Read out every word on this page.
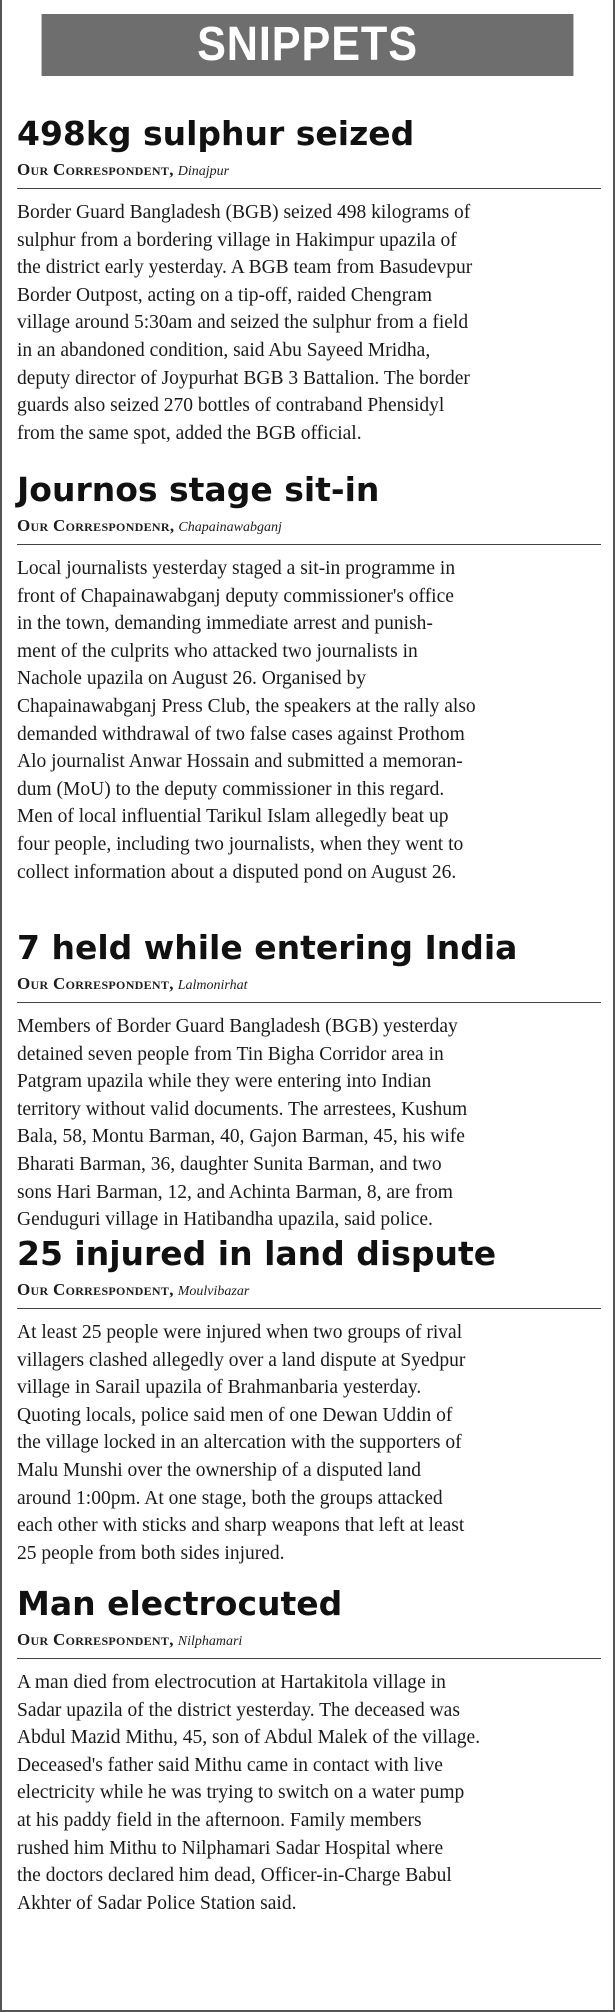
SNIPPETS
498kg sulphur seized
Our Correspondent, Dinajpur
Border Guard Bangladesh (BGB) seized 498 kilograms of
sulphur from a bordering village in Hakimpur upazila of
the district early yesterday. A BGB team from Basudevpur
Border Outpost, acting on a tip-off, raided Chengram
village around 5:30am and seized the sulphur from a field
in an abandoned condition, said Abu Sayeed Mridha,
deputy director of Joypurhat BGB 3 Battalion. The border
guards also seized 270 bottles of contraband Phensidyl
from the same spot, added the BGB official.
Journos stage sit-in
Our Correspondenr, Chapainawabganj
Local journalists yesterday staged a sit-in programme in
front of Chapainawabganj deputy commissioner's office
in the town, demanding immediate arrest and punish-
ment of the culprits who attacked two journalists in
Nachole upazila on August 26. Organised by
Chapainawabganj Press Club, the speakers at the rally also
demanded withdrawal of two false cases against Prothom
Alo journalist Anwar Hossain and submitted a memoran-
dum (MoU) to the deputy commissioner in this regard.
Men of local influential Tarikul Islam allegedly beat up
four people, including two journalists, when they went to
collect information about a disputed pond on August 26.
7 held while entering India
Our Correspondent, Lalmonirhat
Members of Border Guard Bangladesh (BGB) yesterday
detained seven people from Tin Bigha Corridor area in
Patgram upazila while they were entering into Indian
territory without valid documents. The arrestees, Kushum
Bala, 58, Montu Barman, 40, Gajon Barman, 45, his wife
Bharati Barman, 36, daughter Sunita Barman, and two
sons Hari Barman, 12, and Achinta Barman, 8, are from
Genduguri village in Hatibandha upazila, said police.
25 injured in land dispute
Our Correspondent, Moulvibazar
At least 25 people were injured when two groups of rival
villagers clashed allegedly over a land dispute at Syedpur
village in Sarail upazila of Brahmanbaria yesterday.
Quoting locals, police said men of one Dewan Uddin of
the village locked in an altercation with the supporters of
Malu Munshi over the ownership of a disputed land
around 1:00pm. At one stage, both the groups attacked
each other with sticks and sharp weapons that left at least
25 people from both sides injured.
Man electrocuted
Our Correspondent, Nilphamari
A man died from electrocution at Hartakitola village in
Sadar upazila of the district yesterday. The deceased was
Abdul Mazid Mithu, 45, son of Abdul Malek of the village.
Deceased's father said Mithu came in contact with live
electricity while he was trying to switch on a water pump
at his paddy field in the afternoon. Family members
rushed him Mithu to Nilphamari Sadar Hospital where
the doctors declared him dead, Officer-in-Charge Babul
Akhter of Sadar Police Station said.
